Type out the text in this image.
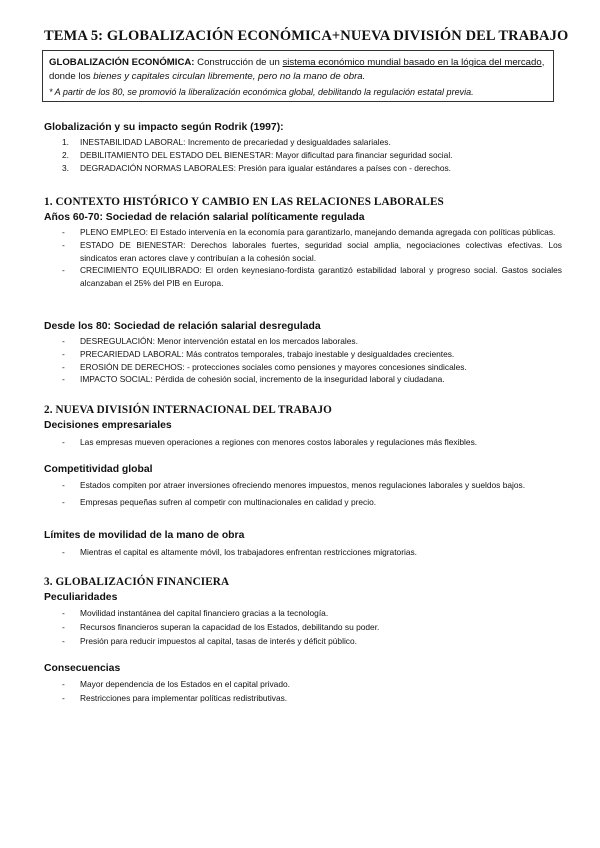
TEMA 5: GLOBALIZACIÓN ECONÓMICA+NUEVA DIVISIÓN DEL TRABAJO
GLOBALIZACIÓN ECONÓMICA: Construcción de un sistema económico mundial basado en la lógica del mercado, donde los bienes y capitales circulan libremente, pero no la mano de obra.
* A partir de los 80, se promovió la liberalización económica global, debilitando la regulación estatal previa.
Globalización y su impacto según Rodrik (1997):
1.	INESTABILIDAD LABORAL: Incremento de precariedad y desigualdades salariales.
2.	DEBILITAMIENTO DEL ESTADO DEL BIENESTAR: Mayor dificultad para financiar seguridad social.
3.	DEGRADACIÓN NORMAS LABORALES: Presión para igualar estándares a países con - derechos.
1. CONTEXTO HISTÓRICO Y CAMBIO EN LAS RELACIONES LABORALES
Años 60-70: Sociedad de relación salarial políticamente regulada
-	PLENO EMPLEO: El Estado intervenía en la economía para garantizarlo, manejando demanda agregada con políticas públicas.
-	ESTADO DE BIENESTAR: Derechos laborales fuertes, seguridad social amplia, negociaciones colectivas efectivas. Los sindicatos eran actores clave y contribuían a la cohesión social.
-	CRECIMIENTO EQUILIBRADO: El orden keynesiano-fordista garantizó estabilidad laboral y progreso social. Gastos sociales alcanzaban el 25% del PIB en Europa.
Desde los 80: Sociedad de relación salarial desregulada
-	DESREGULACIÓN: Menor intervención estatal en los mercados laborales.
-	PRECARIEDAD LABORAL: Más contratos temporales, trabajo inestable y desigualdades crecientes.
-	EROSIÓN DE DERECHOS: - protecciones sociales como pensiones y mayores concesiones sindicales.
-	IMPACTO SOCIAL: Pérdida de cohesión social, incremento de la inseguridad laboral y ciudadana.
2. NUEVA DIVISIÓN INTERNACIONAL DEL TRABAJO
Decisiones empresariales
-	Las empresas mueven operaciones a regiones con menores costos laborales y regulaciones más flexibles.
Competitividad global
-	Estados compiten por atraer inversiones ofreciendo menores impuestos, menos regulaciones laborales y sueldos bajos.
-	Empresas pequeñas sufren al competir con multinacionales en calidad y precio.
Límites de movilidad de la mano de obra
-	Mientras el capital es altamente móvil, los trabajadores enfrentan restricciones migratorias.
3. GLOBALIZACIÓN FINANCIERA
Peculiaridades
-	Movilidad instantánea del capital financiero gracias a la tecnología.
-	Recursos financieros superan la capacidad de los Estados, debilitando su poder.
-	Presión para reducir impuestos al capital, tasas de interés y déficit público.
Consecuencias
-	Mayor dependencia de los Estados en el capital privado.
-	Restricciones para implementar políticas redistributivas.
